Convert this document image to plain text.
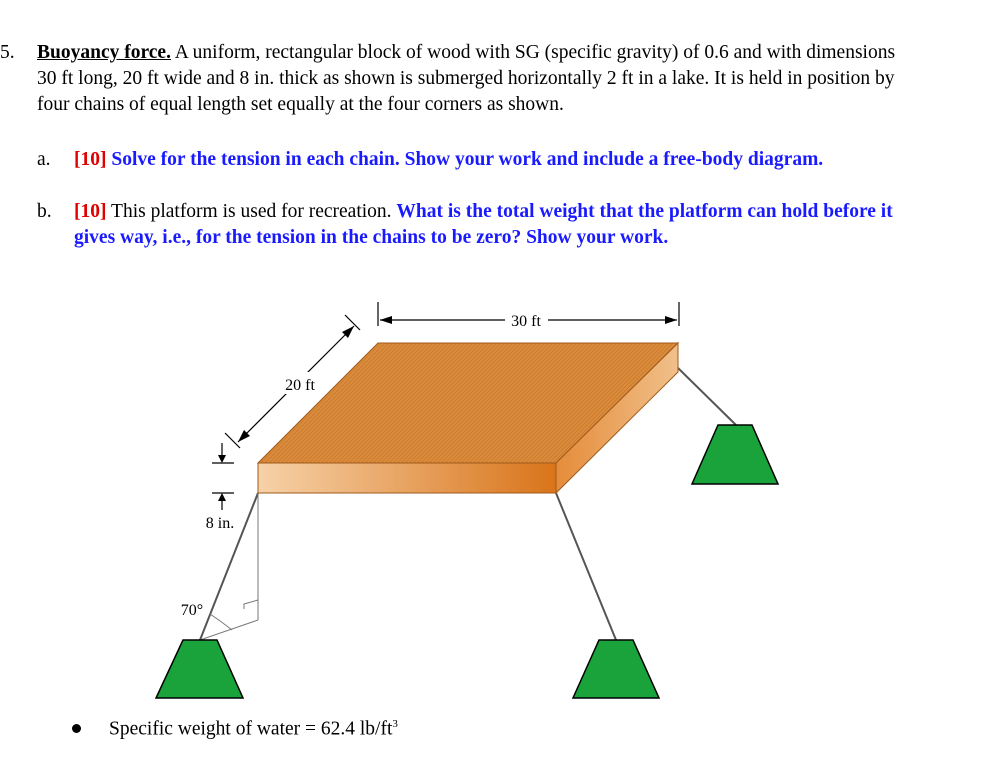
5. Buoyancy force. A uniform, rectangular block of wood with SG (specific gravity) of 0.6 and with dimensions 30 ft long, 20 ft wide and 8 in. thick as shown is submerged horizontally 2 ft in a lake. It is held in position by four chains of equal length set equally at the four corners as shown.
a. [10] Solve for the tension in each chain. Show your work and include a free-body diagram.
b. [10] This platform is used for recreation. What is the total weight that the platform can hold before it gives way, i.e., for the tension in the chains to be zero? Show your work.
30 ft
20 ft
8 in.
70°
Specific weight of water = 62.4 $lb/ft^3$
